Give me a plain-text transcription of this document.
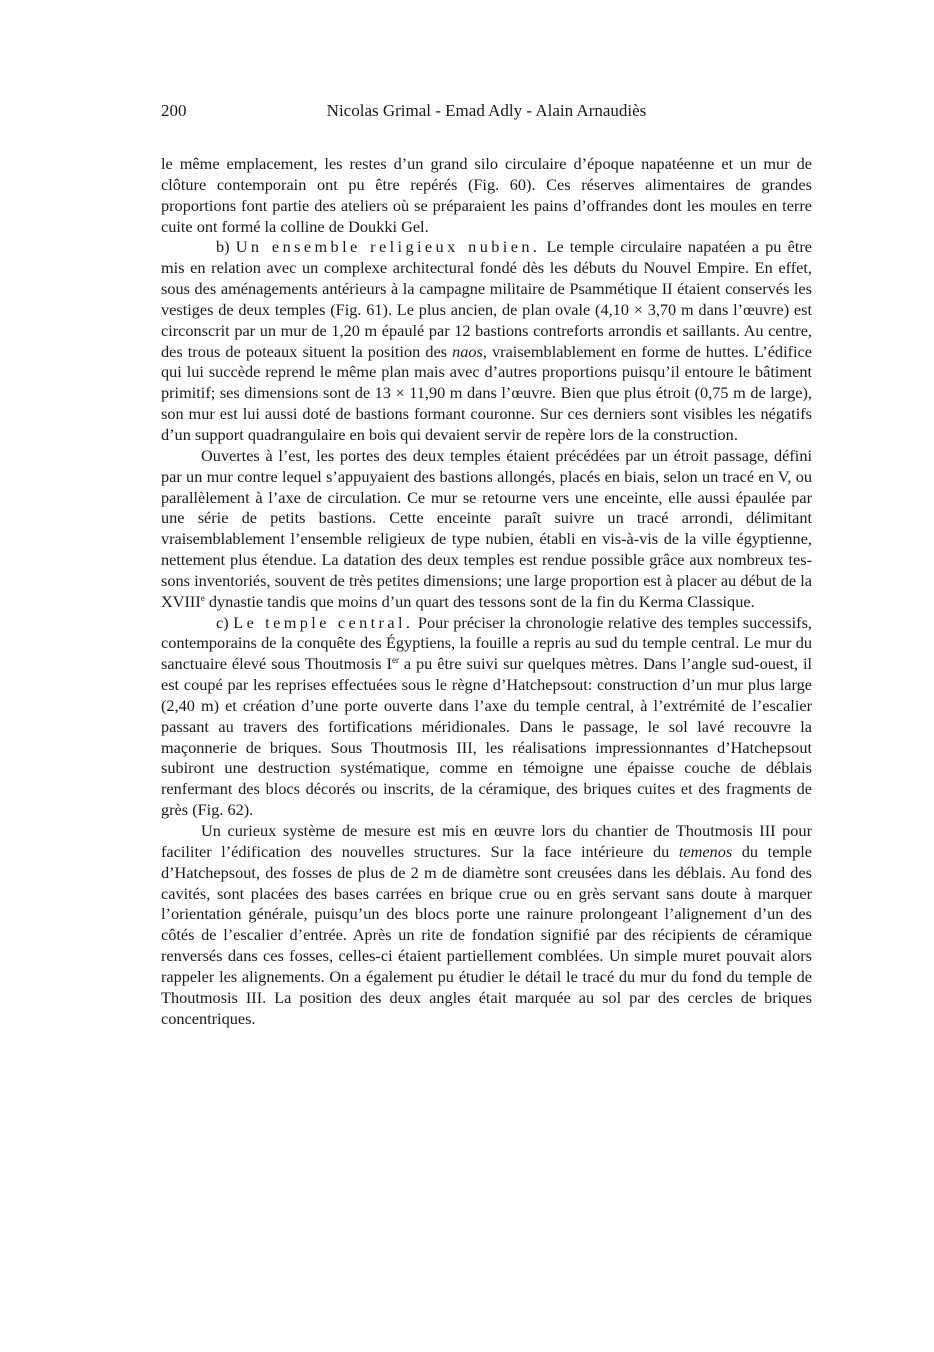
200	Nicolas Grimal - Emad Adly - Alain Arnaudiès

le même emplacement, les restes d’un grand silo circulaire d’époque napatéenne et un mur de clôture contemporain ont pu être repérés (Fig. 60). Ces réserves alimentaires de grandes proportions font partie des ateliers où se préparaient les pains d’offrandes dont les moules en terre cuite ont formé la colline de Doukki Gel.

b) Un ensemble religieux nubien. Le temple circulaire napatéen a pu être mis en relation avec un complexe architectural fondé dès les débuts du Nouvel Empire. En effet, sous des aménagements antérieurs à la campagne militaire de Psammétique II étaient conservés les vestiges de deux temples (Fig. 61). Le plus ancien, de plan ovale (4,10 × 3,70 m dans l’œuvre) est circonscrit par un mur de 1,20 m épaulé par 12 bastions contreforts arrondis et saillants. Au centre, des trous de poteaux situent la position des naos, vraisemblablement en forme de huttes. L’édifice qui lui succède reprend le même plan mais avec d’autres proportions puisqu’il entoure le bâtiment primitif; ses dimensions sont de 13 × 11,90 m dans l’œuvre. Bien que plus étroit (0,75 m de large), son mur est lui aussi doté de bastions formant couronne. Sur ces derniers sont visibles les négatifs d’un support quadrangulaire en bois qui devaient servir de repère lors de la construction.

Ouvertes à l’est, les portes des deux temples étaient précédées par un étroit passage, défini par un mur contre lequel s’appuyaient des bastions allongés, placés en biais, selon un tracé en V, ou parallèlement à l’axe de circulation. Ce mur se retourne vers une enceinte, elle aussi épaulée par une série de petits bastions. Cette enceinte paraît suivre un tracé arrondi, délimitant vraisemblablement l’ensemble religieux de type nubien, établi en vis-à-vis de la ville égyptienne, nettement plus étendue. La datation des deux temples est rendue possible grâce aux nombreux tessons inventoriés, souvent de très petites dimensions; une large proportion est à placer au début de la XVIIIe dynastie tandis que moins d’un quart des tessons sont de la fin du Kerma Classique.

c) Le temple central. Pour préciser la chronologie relative des temples successifs, contemporains de la conquête des Égyptiens, la fouille a repris au sud du temple central. Le mur du sanctuaire élevé sous Thoutmosis Ier a pu être suivi sur quelques mètres. Dans l’angle sud-ouest, il est coupé par les reprises effectuées sous le règne d’Hatchepsout: construction d’un mur plus large (2,40 m) et création d’une porte ouverte dans l’axe du temple central, à l’extrémité de l’escalier passant au travers des fortifications méridionales. Dans le passage, le sol lavé recouvre la maçonnerie de briques. Sous Thoutmosis III, les réalisations impressionnantes d’Hatchepsout subiront une destruction systématique, comme en témoigne une épaisse couche de déblais renfermant des blocs décorés ou inscrits, de la céramique, des briques cuites et des fragments de grès (Fig. 62).

Un curieux système de mesure est mis en œuvre lors du chantier de Thoutmosis III pour faciliter l’édification des nouvelles structures. Sur la face intérieure du temenos du temple d’Hatchepsout, des fosses de plus de 2 m de diamètre sont creusées dans les déblais. Au fond des cavités, sont placées des bases carrées en brique crue ou en grès servant sans doute à marquer l’orientation générale, puisqu’un des blocs porte une rainure prolongeant l’alignement d’un des côtés de l’escalier d’entrée. Après un rite de fondation signifié par des récipients de céramique renversés dans ces fosses, celles-ci étaient partiellement comblées. Un simple muret pouvait alors rappeler les alignements. On a également pu étudier le détail le tracé du mur du fond du temple de Thoutmosis III. La position des deux angles était marquée au sol par des cercles de briques concentriques.
